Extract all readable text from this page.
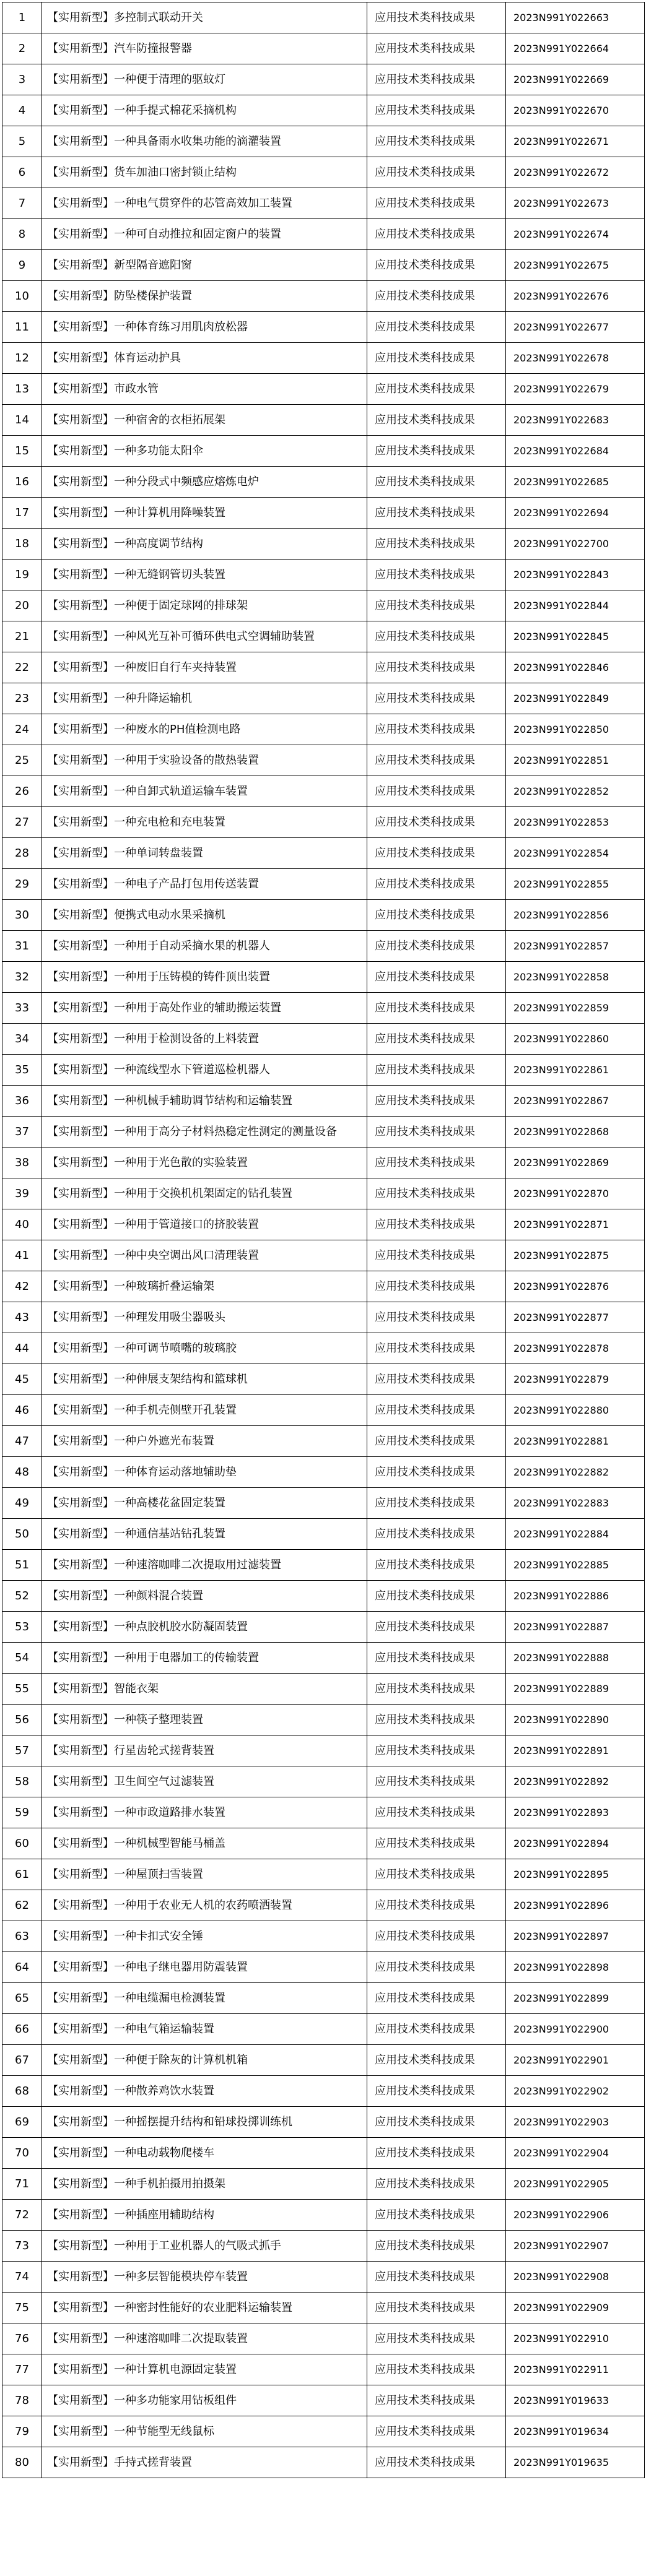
1	【实用新型】多控制式联动开关	应用技术类科技成果	2023N991Y022663
2	【实用新型】汽车防撞报警器	应用技术类科技成果	2023N991Y022664
3	【实用新型】一种便于清理的驱蚊灯	应用技术类科技成果	2023N991Y022669
4	【实用新型】一种手提式棉花采摘机构	应用技术类科技成果	2023N991Y022670
5	【实用新型】一种具备雨水收集功能的滴灌装置	应用技术类科技成果	2023N991Y022671
6	【实用新型】货车加油口密封锁止结构	应用技术类科技成果	2023N991Y022672
7	【实用新型】一种电气贯穿件的芯管高效加工装置	应用技术类科技成果	2023N991Y022673
8	【实用新型】一种可自动推拉和固定窗户的装置	应用技术类科技成果	2023N991Y022674
9	【实用新型】新型隔音遮阳窗	应用技术类科技成果	2023N991Y022675
10	【实用新型】防坠楼保护装置	应用技术类科技成果	2023N991Y022676
11	【实用新型】一种体育练习用肌肉放松器	应用技术类科技成果	2023N991Y022677
12	【实用新型】体育运动护具	应用技术类科技成果	2023N991Y022678
13	【实用新型】市政水管	应用技术类科技成果	2023N991Y022679
14	【实用新型】一种宿舍的衣柜拓展架	应用技术类科技成果	2023N991Y022683
15	【实用新型】一种多功能太阳伞	应用技术类科技成果	2023N991Y022684
16	【实用新型】一种分段式中频感应熔炼电炉	应用技术类科技成果	2023N991Y022685
17	【实用新型】一种计算机用降噪装置	应用技术类科技成果	2023N991Y022694
18	【实用新型】一种高度调节结构	应用技术类科技成果	2023N991Y022700
19	【实用新型】一种无缝钢管切头装置	应用技术类科技成果	2023N991Y022843
20	【实用新型】一种便于固定球网的排球架	应用技术类科技成果	2023N991Y022844
21	【实用新型】一种风光互补可循环供电式空调辅助装置	应用技术类科技成果	2023N991Y022845
22	【实用新型】一种废旧自行车夹持装置	应用技术类科技成果	2023N991Y022846
23	【实用新型】一种升降运输机	应用技术类科技成果	2023N991Y022849
24	【实用新型】一种废水的PH值检测电路	应用技术类科技成果	2023N991Y022850
25	【实用新型】一种用于实验设备的散热装置	应用技术类科技成果	2023N991Y022851
26	【实用新型】一种自卸式轨道运输车装置	应用技术类科技成果	2023N991Y022852
27	【实用新型】一种充电枪和充电装置	应用技术类科技成果	2023N991Y022853
28	【实用新型】一种单词转盘装置	应用技术类科技成果	2023N991Y022854
29	【实用新型】一种电子产品打包用传送装置	应用技术类科技成果	2023N991Y022855
30	【实用新型】便携式电动水果采摘机	应用技术类科技成果	2023N991Y022856
31	【实用新型】一种用于自动采摘水果的机器人	应用技术类科技成果	2023N991Y022857
32	【实用新型】一种用于压铸模的铸件顶出装置	应用技术类科技成果	2023N991Y022858
33	【实用新型】一种用于高处作业的辅助搬运装置	应用技术类科技成果	2023N991Y022859
34	【实用新型】一种用于检测设备的上料装置	应用技术类科技成果	2023N991Y022860
35	【实用新型】一种流线型水下管道巡检机器人	应用技术类科技成果	2023N991Y022861
36	【实用新型】一种机械手辅助调节结构和运输装置	应用技术类科技成果	2023N991Y022867
37	【实用新型】一种用于高分子材料热稳定性测定的测量设备	应用技术类科技成果	2023N991Y022868
38	【实用新型】一种用于光色散的实验装置	应用技术类科技成果	2023N991Y022869
39	【实用新型】一种用于交换机机架固定的钻孔装置	应用技术类科技成果	2023N991Y022870
40	【实用新型】一种用于管道接口的挤胶装置	应用技术类科技成果	2023N991Y022871
41	【实用新型】一种中央空调出风口清理装置	应用技术类科技成果	2023N991Y022875
42	【实用新型】一种玻璃折叠运输架	应用技术类科技成果	2023N991Y022876
43	【实用新型】一种理发用吸尘器吸头	应用技术类科技成果	2023N991Y022877
44	【实用新型】一种可调节喷嘴的玻璃胶	应用技术类科技成果	2023N991Y022878
45	【实用新型】一种伸展支架结构和篮球机	应用技术类科技成果	2023N991Y022879
46	【实用新型】一种手机壳侧壁开孔装置	应用技术类科技成果	2023N991Y022880
47	【实用新型】一种户外遮光布装置	应用技术类科技成果	2023N991Y022881
48	【实用新型】一种体育运动落地辅助垫	应用技术类科技成果	2023N991Y022882
49	【实用新型】一种高楼花盆固定装置	应用技术类科技成果	2023N991Y022883
50	【实用新型】一种通信基站钻孔装置	应用技术类科技成果	2023N991Y022884
51	【实用新型】一种速溶咖啡二次提取用过滤装置	应用技术类科技成果	2023N991Y022885
52	【实用新型】一种颜料混合装置	应用技术类科技成果	2023N991Y022886
53	【实用新型】一种点胶机胶水防凝固装置	应用技术类科技成果	2023N991Y022887
54	【实用新型】一种用于电器加工的传输装置	应用技术类科技成果	2023N991Y022888
55	【实用新型】智能衣架	应用技术类科技成果	2023N991Y022889
56	【实用新型】一种筷子整理装置	应用技术类科技成果	2023N991Y022890
57	【实用新型】行星齿轮式搓背装置	应用技术类科技成果	2023N991Y022891
58	【实用新型】卫生间空气过滤装置	应用技术类科技成果	2023N991Y022892
59	【实用新型】一种市政道路排水装置	应用技术类科技成果	2023N991Y022893
60	【实用新型】一种机械型智能马桶盖	应用技术类科技成果	2023N991Y022894
61	【实用新型】一种屋顶扫雪装置	应用技术类科技成果	2023N991Y022895
62	【实用新型】一种用于农业无人机的农药喷洒装置	应用技术类科技成果	2023N991Y022896
63	【实用新型】一种卡扣式安全锤	应用技术类科技成果	2023N991Y022897
64	【实用新型】一种电子继电器用防震装置	应用技术类科技成果	2023N991Y022898
65	【实用新型】一种电缆漏电检测装置	应用技术类科技成果	2023N991Y022899
66	【实用新型】一种电气箱运输装置	应用技术类科技成果	2023N991Y022900
67	【实用新型】一种便于除灰的计算机机箱	应用技术类科技成果	2023N991Y022901
68	【实用新型】一种散养鸡饮水装置	应用技术类科技成果	2023N991Y022902
69	【实用新型】一种摇摆提升结构和铅球投掷训练机	应用技术类科技成果	2023N991Y022903
70	【实用新型】一种电动载物爬楼车	应用技术类科技成果	2023N991Y022904
71	【实用新型】一种手机拍摄用拍摄架	应用技术类科技成果	2023N991Y022905
72	【实用新型】一种插座用辅助结构	应用技术类科技成果	2023N991Y022906
73	【实用新型】一种用于工业机器人的气吸式抓手	应用技术类科技成果	2023N991Y022907
74	【实用新型】一种多层智能模块停车装置	应用技术类科技成果	2023N991Y022908
75	【实用新型】一种密封性能好的农业肥料运输装置	应用技术类科技成果	2023N991Y022909
76	【实用新型】一种速溶咖啡二次提取装置	应用技术类科技成果	2023N991Y022910
77	【实用新型】一种计算机电源固定装置	应用技术类科技成果	2023N991Y022911
78	【实用新型】一种多功能家用钻板组件	应用技术类科技成果	2023N991Y019633
79	【实用新型】一种节能型无线鼠标	应用技术类科技成果	2023N991Y019634
80	【实用新型】手持式搓背装置	应用技术类科技成果	2023N991Y019635
